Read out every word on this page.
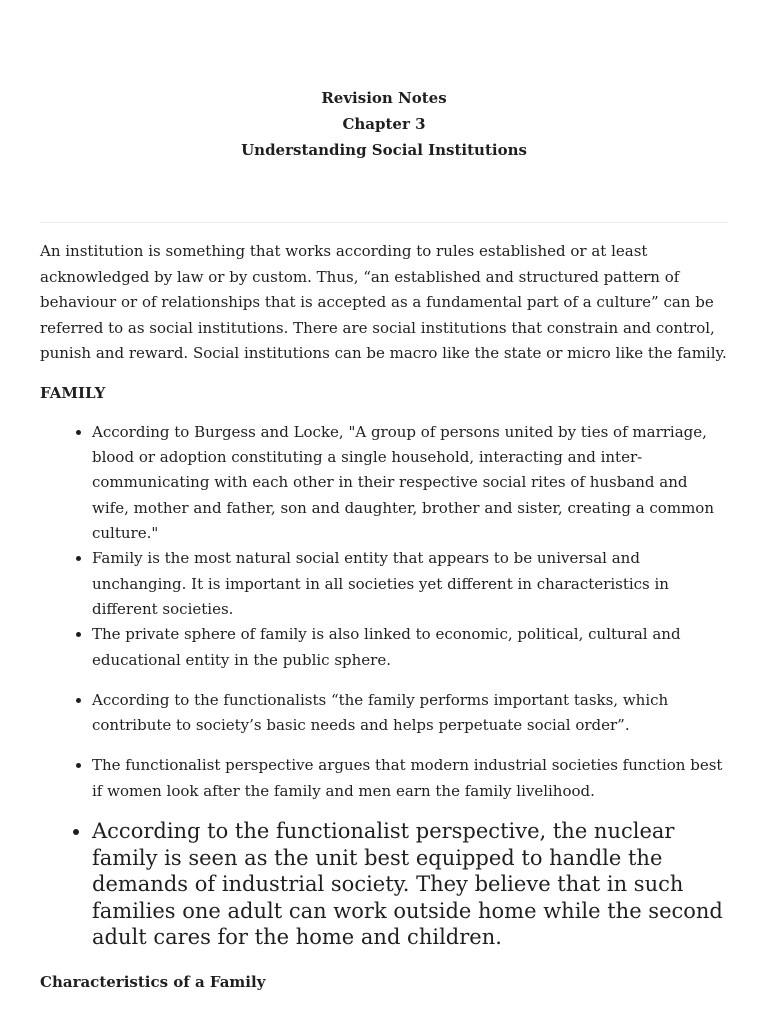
Revision Notes
Chapter 3
Understanding Social Institutions

An institution is something that works according to rules established or at least acknowledged by law or by custom. Thus, “an established and structured pattern of behaviour or of relationships that is accepted as a fundamental part of a culture” can be referred to as social institutions. There are social institutions that constrain and control, punish and reward. Social institutions can be macro like the state or micro like the family.

FAMILY
• According to Burgess and Locke, "A group of persons united by ties of marriage, blood or adoption constituting a single household, interacting and inter-communicating with each other in their respective social rites of husband and wife, mother and father, son and daughter, brother and sister, creating a common culture."
• Family is the most natural social entity that appears to be universal and unchanging. It is important in all societies yet different in characteristics in different societies.
• The private sphere of family is also linked to economic, political, cultural and educational entity in the public sphere.
• According to the functionalists “the family performs important tasks, which contribute to society’s basic needs and helps perpetuate social order”.
• The functionalist perspective argues that modern industrial societies function best if women look after the family and men earn the family livelihood.
• According to the functionalist perspective, the nuclear family is seen as the unit best equipped to handle the demands of industrial society. They believe that in such families one adult can work outside home while the second adult cares for the home and children.
Characteristics of a Family
